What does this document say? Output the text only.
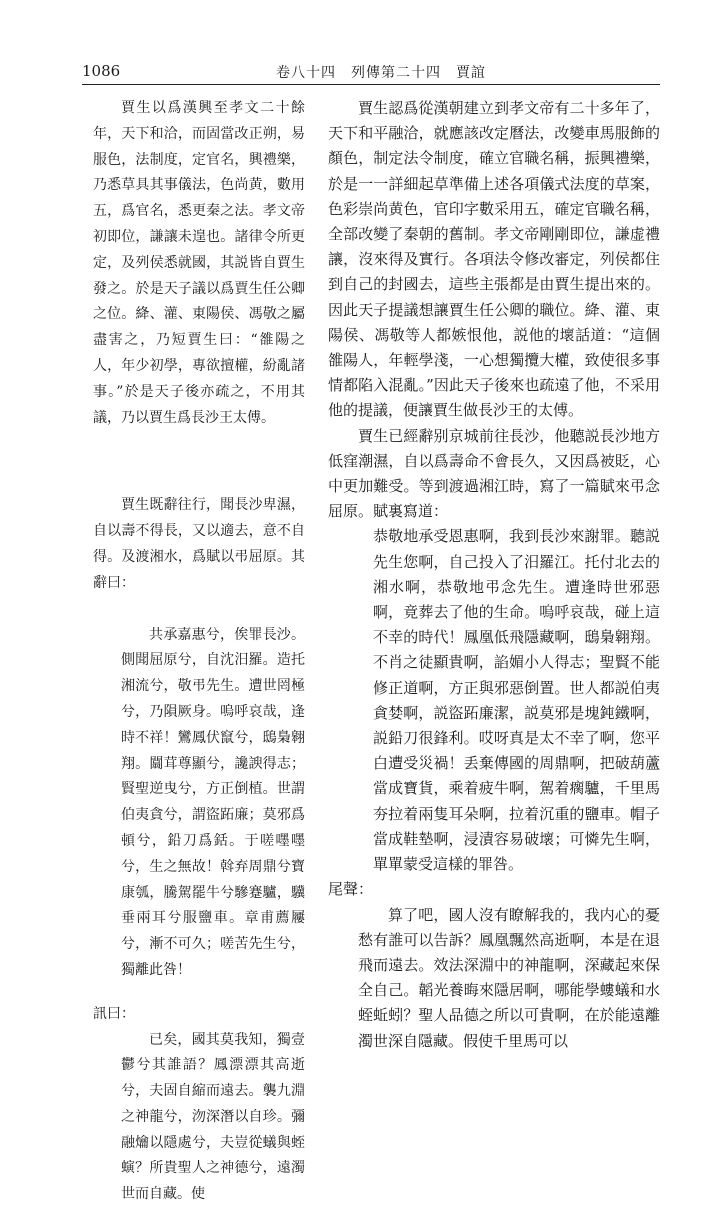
1086	卷八十四　列傳第二十四　賈誼

賈生以爲漢興至孝文二十餘年，天下和洽，而固當改正朔，易服色，法制度，定官名，興禮樂，乃悉草具其事儀法，色尚黄，數用五，爲官名，悉更秦之法。孝文帝初即位，謙讓未遑也。諸律令所更定，及列侯悉就國，其説皆自賈生發之。於是天子議以爲賈生任公卿之位。絳、灌、東陽侯、馮敬之屬盡害之，乃短賈生曰：“雒陽之人，年少初學，專欲擅權，紛亂諸事。”於是天子後亦疏之，不用其議，乃以賈生爲長沙王太傅。

賈生既辭往行，聞長沙卑濕，自以壽不得長，又以適去，意不自得。及渡湘水，爲賦以弔屈原。其辭曰：

共承嘉惠兮，俟罪長沙。側聞屈原兮，自沈汨羅。造托湘流兮，敬弔先生。遭世罔極兮，乃隕厥身。嗚呼哀哉，逢時不祥！鸞鳳伏竄兮，鴟梟翱翔。闒茸尊顯兮，讒諛得志；賢聖逆曳兮，方正倒植。世謂伯夷貪兮，謂盜跖廉；莫邪爲頓兮，鉛刀爲銛。于嗟嚜嚜兮，生之無故！斡弃周鼎兮寶康瓠，騰駕罷牛兮驂蹇驢，驥垂兩耳兮服鹽車。章甫薦屨兮，漸不可久；嗟苦先生兮，獨離此咎！

訊曰：

已矣，國其莫我知，獨壹鬱兮其誰語？鳳漂漂其高逝兮，夫固自縮而遠去。襲九淵之神龍兮，沕深潛以自珍。彌融爚以隱處兮，夫豈從蟻與蛭螾？所貴聖人之神德兮，遠濁世而自藏。使

賈生認爲從漢朝建立到孝文帝有二十多年了，天下和平融洽，就應該改定曆法，改變車馬服飾的顏色，制定法令制度，確立官職名稱，振興禮樂，於是一一詳細起草準備上述各項儀式法度的草案，色彩崇尚黄色，官印字數采用五，確定官職名稱，全部改變了秦朝的舊制。孝文帝剛剛即位，謙虚禮讓，沒來得及實行。各項法令修改審定，列侯都住到自己的封國去，這些主張都是由賈生提出來的。因此天子提議想讓賈生任公卿的職位。絳、灌、東陽侯、馮敬等人都嫉恨他，説他的壞話道：“這個雒陽人，年輕學淺，一心想獨攬大權，致使很多事情都陷入混亂。”因此天子後來也疏遠了他，不采用他的提議，便讓賈生做長沙王的太傅。

賈生已經辭别京城前往長沙，他聽説長沙地方低窪潮濕，自以爲壽命不會長久，又因爲被貶，心中更加難受。等到渡過湘江時，寫了一篇賦來弔念屈原。賦裏寫道：

恭敬地承受恩惠啊，我到長沙來謝罪。聽説先生您啊，自己投入了汨羅江。托付北去的湘水啊，恭敬地弔念先生。遭逢時世邪惡啊，竟葬去了他的生命。嗚呼哀哉，碰上這不幸的時代！鳳凰低飛隱藏啊，鴟梟翱翔。不肖之徒顯貴啊，諂媚小人得志；聖賢不能修正道啊，方正與邪惡倒置。世人都説伯夷貪婪啊，説盜跖廉潔，説莫邪是塊鈍鐵啊，説鉛刀很鋒利。哎呀真是太不幸了啊，您平白遭受災禍！丢棄傳國的周鼎啊，把破葫蘆當成寶貨，乘着疲牛啊，駕着瘸驢，千里馬夯拉着兩隻耳朵啊，拉着沉重的鹽車。帽子當成鞋墊啊，浸漬容易破壞；可憐先生啊，單單蒙受這樣的罪咎。

尾聲：

算了吧，國人沒有瞭解我的，我内心的憂愁有誰可以告訴？鳳凰飄然高逝啊，本是在退飛而遠去。效法深淵中的神龍啊，深藏起來保全自己。韜光養晦來隱居啊，哪能學螻蟻和水蛭蚯蚓？聖人品德之所以可貴啊，在於能遠離濁世深自隱藏。假使千里馬可以
